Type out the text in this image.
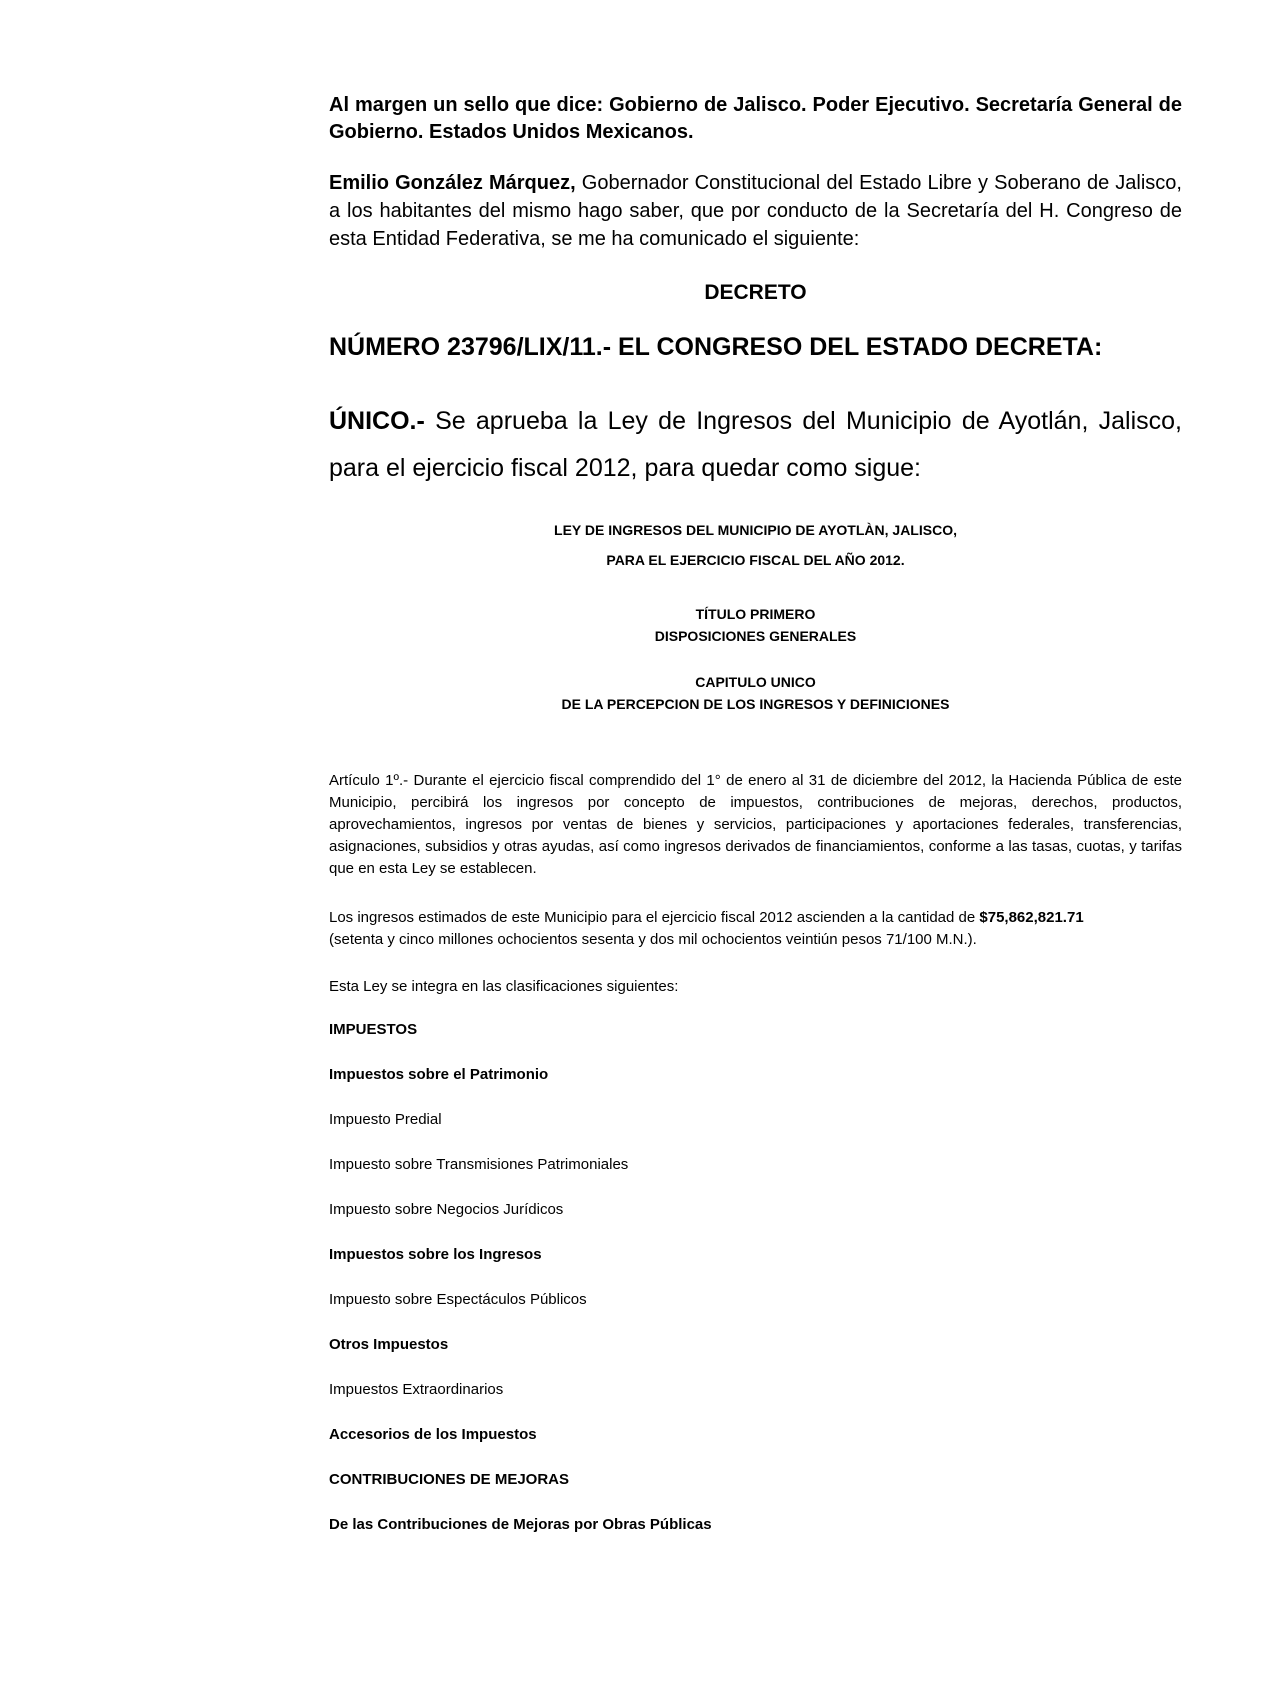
Al margen un sello que dice: Gobierno de Jalisco. Poder Ejecutivo. Secretaría General de Gobierno. Estados Unidos Mexicanos.

Emilio González Márquez, Gobernador Constitucional del Estado Libre y Soberano de Jalisco, a los habitantes del mismo hago saber, que por conducto de la Secretaría del H. Congreso de esta Entidad Federativa, se me ha comunicado el siguiente:

DECRETO
NÚMERO 23796/LIX/11.- EL CONGRESO DEL ESTADO DECRETA:

ÚNICO.- Se aprueba la Ley de Ingresos del Municipio de Ayotlán, Jalisco, para el ejercicio fiscal 2012, para quedar como sigue:

LEY DE INGRESOS DEL MUNICIPIO DE AYOTLÀN, JALISCO,
PARA EL EJERCICIO FISCAL DEL AÑO 2012.
TÍTULO PRIMERO
DISPOSICIONES GENERALES
CAPITULO UNICO
DE LA PERCEPCION DE LOS INGRESOS Y DEFINICIONES

Artículo 1º.- Durante el ejercicio fiscal comprendido del 1° de enero al 31 de diciembre del 2012, la Hacienda Pública de este Municipio, percibirá los ingresos por concepto de impuestos, contribuciones de mejoras, derechos, productos, aprovechamientos, ingresos por ventas de bienes y servicios, participaciones y aportaciones federales, transferencias, asignaciones, subsidios y otras ayudas, así como ingresos derivados de financiamientos, conforme a las tasas, cuotas, y tarifas que en esta Ley se establecen.

Los ingresos estimados de este Municipio para el ejercicio fiscal 2012 ascienden a la cantidad de $75,862,821.71
(setenta y cinco millones ochocientos sesenta y dos mil ochocientos veintiún pesos 71/100 M.N.).

Esta Ley se integra en las clasificaciones siguientes:

IMPUESTOS
Impuestos sobre el Patrimonio
Impuesto Predial
Impuesto sobre Transmisiones Patrimoniales
Impuesto sobre Negocios Jurídicos
Impuestos sobre los Ingresos
Impuesto sobre Espectáculos Públicos
Otros Impuestos
Impuestos Extraordinarios
Accesorios de los Impuestos
CONTRIBUCIONES DE MEJORAS
De las Contribuciones de Mejoras por Obras Públicas
